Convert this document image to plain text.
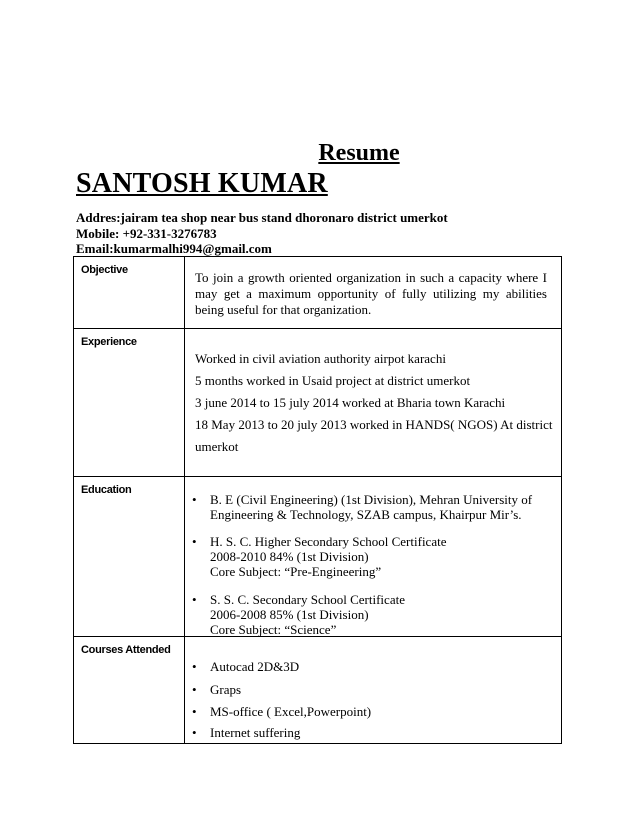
Resume
SANTOSH KUMAR
Addres:jairam tea shop near bus stand dhoronaro district umerkot
Mobile: +92-331-3276783
Email:kumarmalhi994@gmail.com
Objective	To join a growth oriented organization in such a capacity where I may get a maximum opportunity of fully utilizing my abilities being useful for that organization.
Experience
Worked in civil aviation authority airpot karachi
5 months worked in Usaid project at district umerkot
3 june 2014 to 15 july 2014 worked at Bharia town Karachi
18 May 2013 to 20 july 2013 worked in HANDS( NGOS) At district
umerkot
Education
• B. E (Civil Engineering) (1st Division), Mehran University of
Engineering & Technology, SZAB campus, Khairpur Mir’s.
• H. S. C. Higher Secondary School Certificate
2008-2010 84% (1st Division)
Core Subject: “Pre-Engineering”
• S. S. C. Secondary School Certificate
2006-2008 85% (1st Division)
Core Subject: “Science”
Courses Attended
• Autocad 2D&3D
• Graps
• MS-office ( Excel,Powerpoint)
• Internet suffering
